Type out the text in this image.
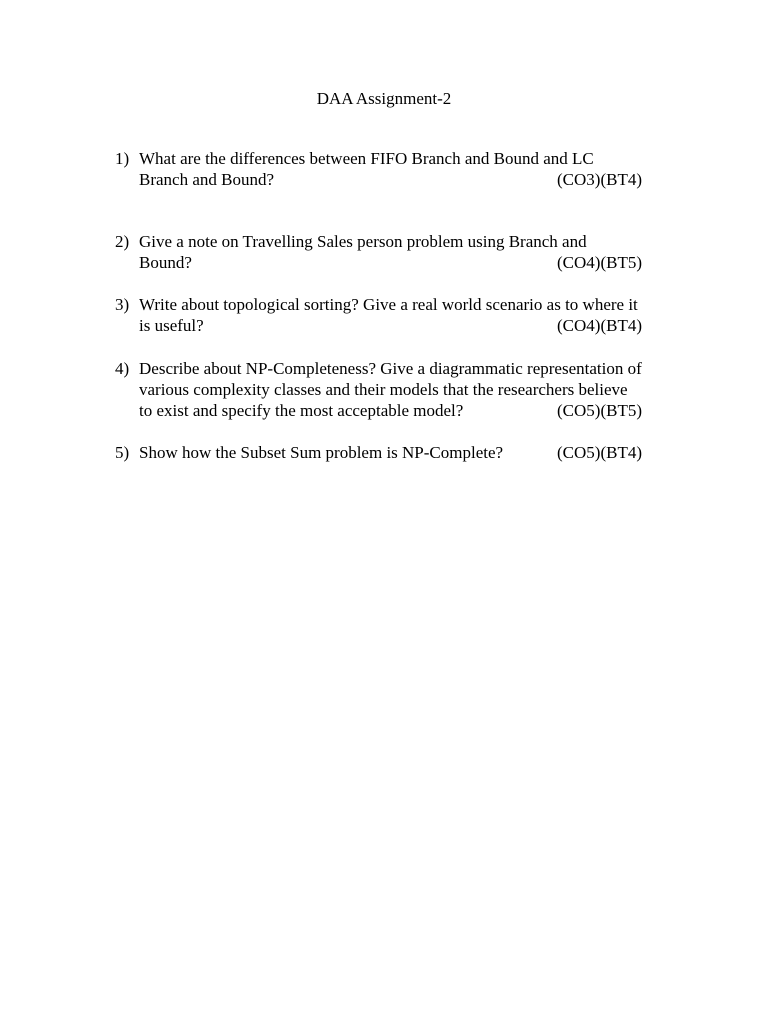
DAA Assignment-2
1) What are the differences between FIFO Branch and Bound and LC
Branch and Bound?	(CO3)(BT4)
2) Give a note on Travelling Sales person problem using Branch and
Bound?	(CO4)(BT5)
3) Write about topological sorting? Give a real world scenario as to where it
is useful?	(CO4)(BT4)
4) Describe about NP-Completeness? Give a diagrammatic representation of
various complexity classes and their models that the researchers believe
to exist and specify the most acceptable model?	(CO5)(BT5)
5) Show how the Subset Sum problem is NP-Complete?	(CO5)(BT4)
